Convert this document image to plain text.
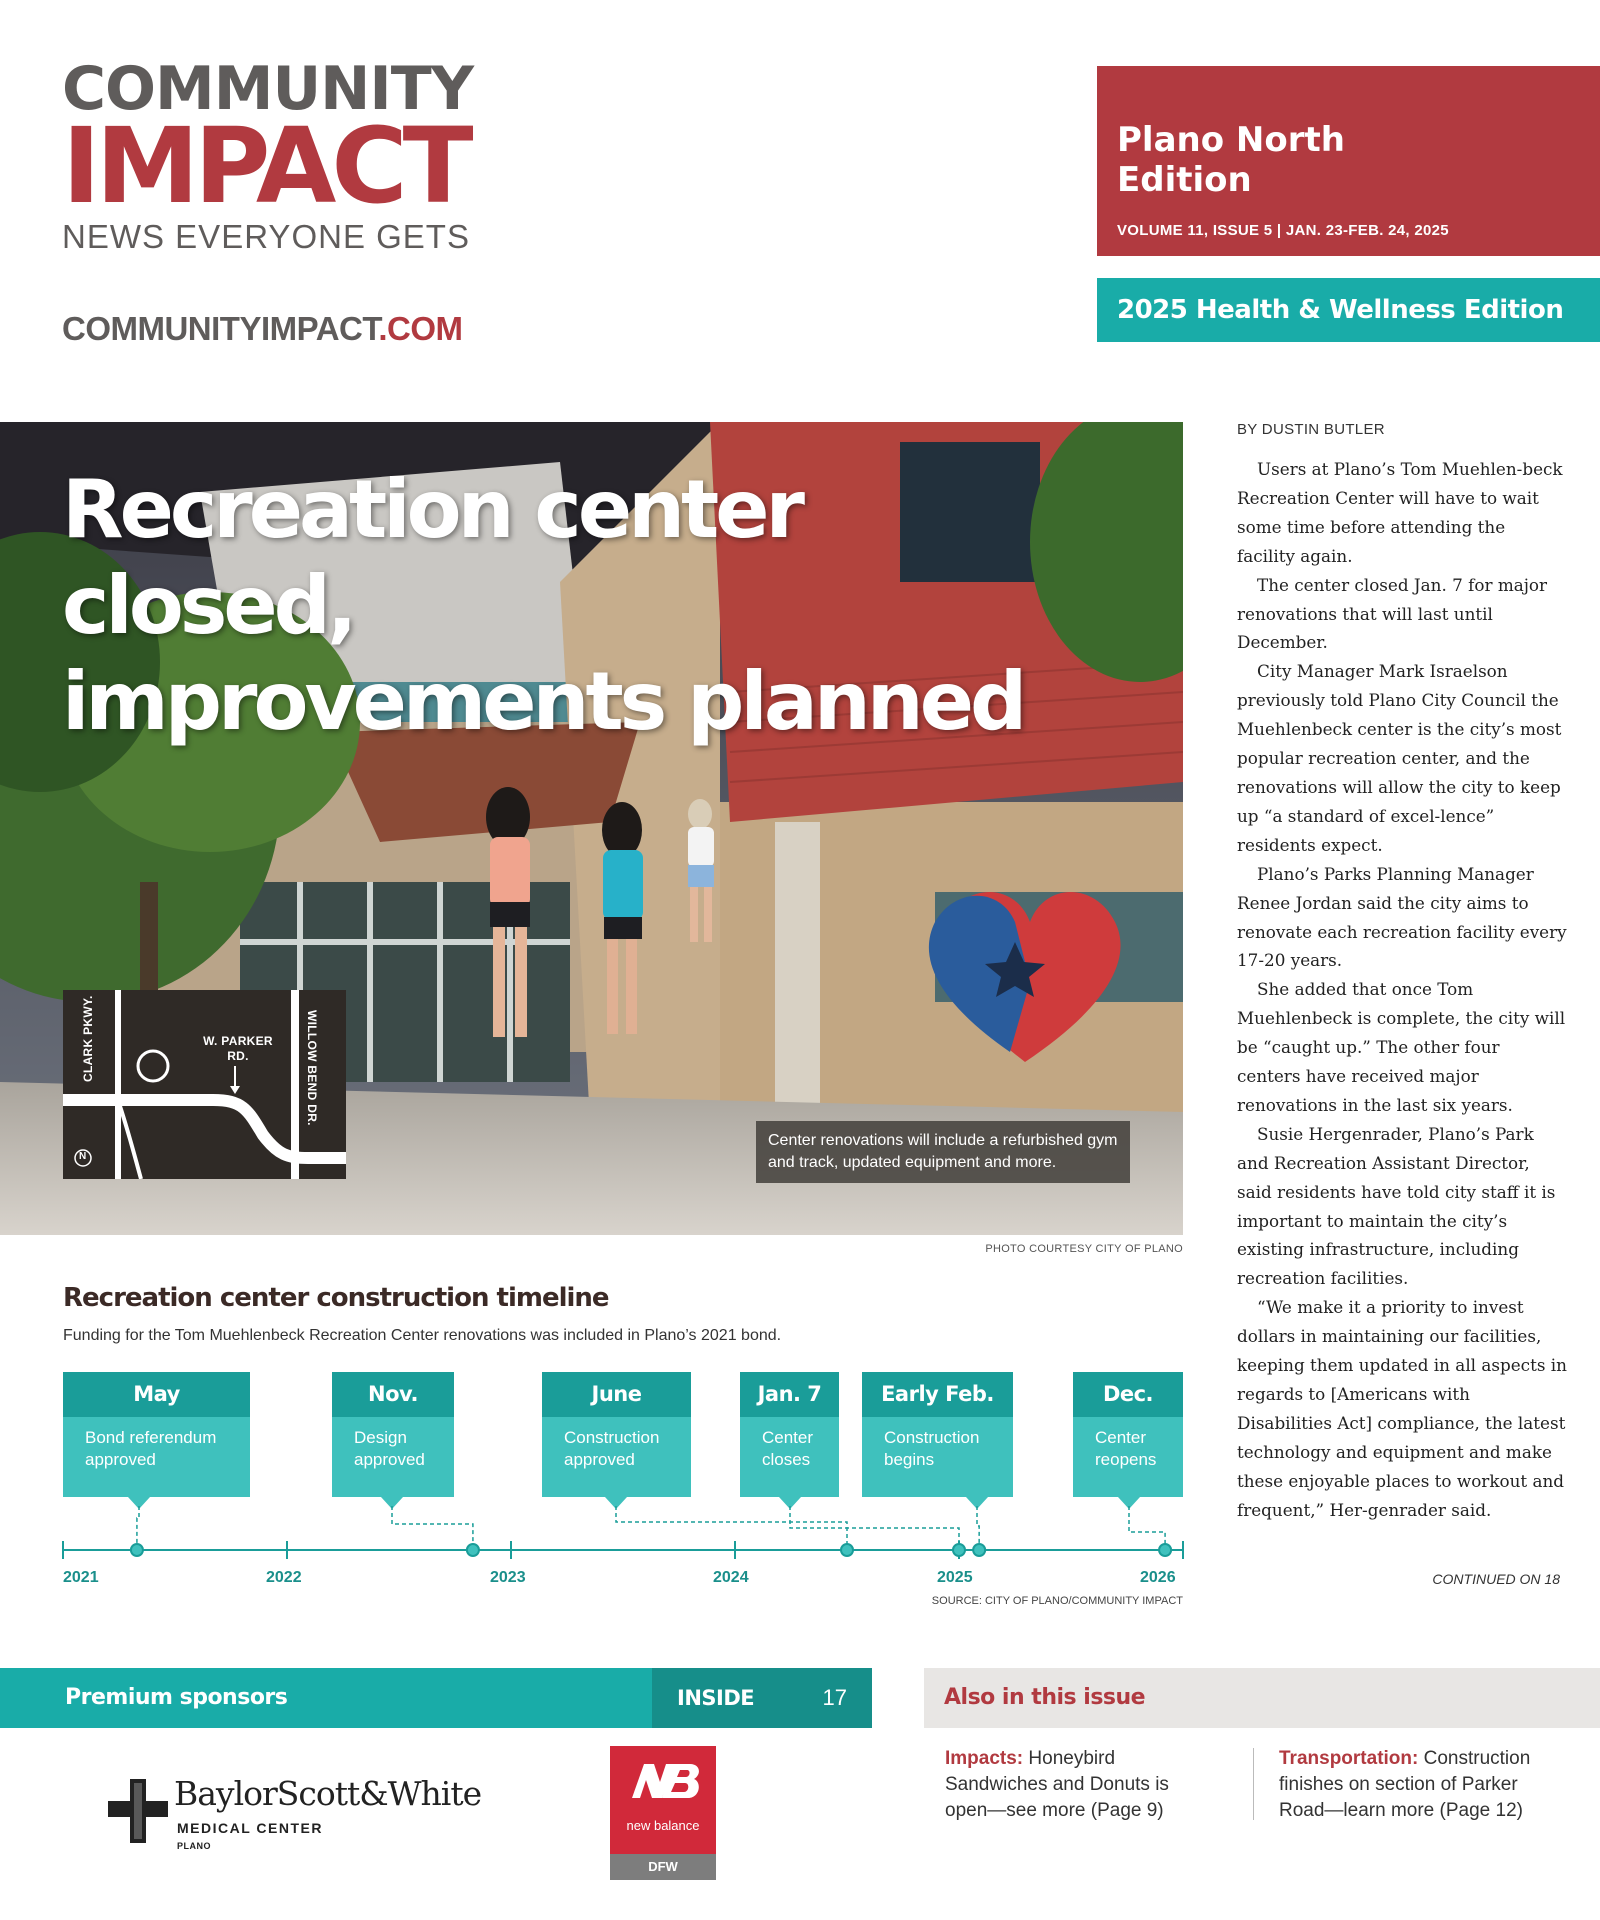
COMMUNITY
IMPACT
NEWS EVERYONE GETS
COMMUNITYIMPACT.COM
Plano North Edition
VOLUME 11, ISSUE 5 | JAN. 23-FEB. 24, 2025
2025 Health & Wellness Edition
Recreation center closed,
improvements planned
CLARK PKWY.	W. PARKER RD.	WILLOW BEND DR.
N
Center renovations will include a refurbished gym and track, updated equipment and more.
PHOTO COURTESY CITY OF PLANO
BY DUSTIN BUTLER

Users at Plano’s Tom Muehlen-beck Recreation Center will have to wait some time before attending the facility again.

The center closed Jan. 7 for major renovations that will last until December.

City Manager Mark Israelson previously told Plano City Council the Muehlenbeck center is the city’s most popular recreation center, and the renovations will allow the city to keep up “a standard of excel-lence” residents expect.

Plano’s Parks Planning Manager Renee Jordan said the city aims to renovate each recreation facility every 17-20 years.

She added that once Tom Muehlenbeck is complete, the city will be “caught up.” The other four centers have received major renovations in the last six years.

Susie Hergenrader, Plano’s Park and Recreation Assistant Director, said residents have told city staff it is important to maintain the city’s existing infrastructure, including recreation facilities.

“We make it a priority to invest dollars in maintaining our facilities, keeping them updated in all aspects in regards to [Americans with Disabilities Act] compliance, the latest technology and equipment and make these enjoyable places to workout and frequent,” Her-genrader said.

CONTINUED ON 18
Recreation center construction timeline
Funding for the Tom Muehlenbeck Recreation Center renovations was included in Plano’s 2021 bond.
May
Bond referendum approved
Nov.
Design approved
June
Construction approved
Jan. 7
Center closes
Early Feb.
Construction begins
Dec.
Center reopens
2021	2022	2023	2024	2025	2026
SOURCE: CITY OF PLANO/COMMUNITY IMPACT
Premium sponsors	INSIDE	17
BaylorScott&White
MEDICAL CENTER
PLANO
new balance
DFW
Also in this issue
Impacts: Honeybird Sandwiches and Donuts is open—see more (Page 9)
Transportation: Construction finishes on section of Parker Road—learn more (Page 12)
